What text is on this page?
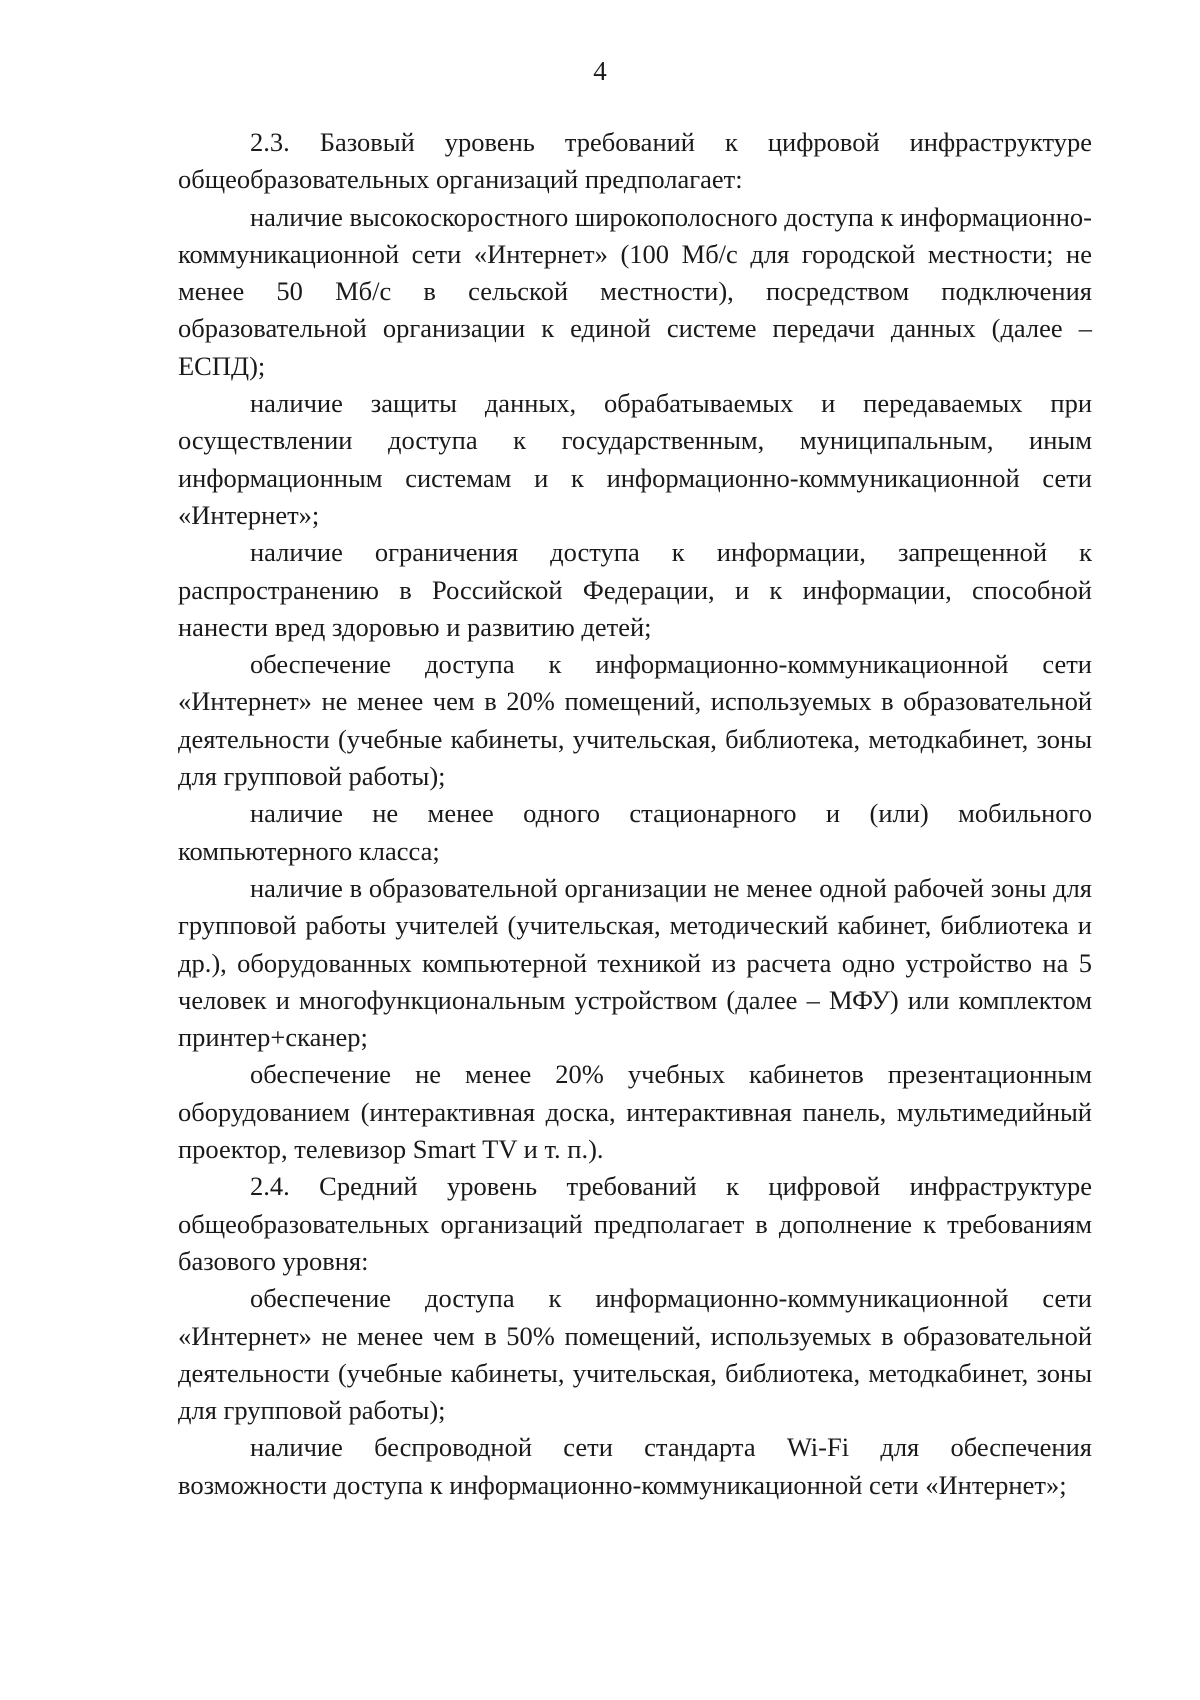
4

2.3. Базовый уровень требований к цифровой инфраструктуре общеобразовательных организаций предполагает:

наличие высокоскоростного широкополосного доступа к информационно-коммуникационной сети «Интернет» (100 Мб/с для городской местности; не менее 50 Мб/с в сельской местности), посредством подключения образовательной организации к единой системе передачи данных (далее – ЕСПД);

наличие защиты данных, обрабатываемых и передаваемых при осуществлении доступа к государственным, муниципальным, иным информационным системам и к информационно-коммуникационной сети «Интернет»;

наличие ограничения доступа к информации, запрещенной к распространению в Российской Федерации, и к информации, способной нанести вред здоровью и развитию детей;

обеспечение доступа к информационно-коммуникационной сети «Интернет» не менее чем в 20% помещений, используемых в образовательной деятельности (учебные кабинеты, учительская, библиотека, методкабинет, зоны для групповой работы);

наличие не менее одного стационарного и (или) мобильного компьютерного класса;

наличие в образовательной организации не менее одной рабочей зоны для групповой работы учителей (учительская, методический кабинет, библиотека и др.), оборудованных компьютерной техникой из расчета одно устройство на 5 человек и многофункциональным устройством (далее – МФУ) или комплектом принтер+сканер;

обеспечение не менее 20% учебных кабинетов презентационным оборудованием (интерактивная доска, интерактивная панель, мультимедийный проектор, телевизор Smart TV и т. п.).

2.4. Средний уровень требований к цифровой инфраструктуре общеобразовательных организаций предполагает в дополнение к требованиям базового уровня:

обеспечение доступа к информационно-коммуникационной сети «Интернет» не менее чем в 50% помещений, используемых в образовательной деятельности (учебные кабинеты, учительская, библиотека, методкабинет, зоны для групповой работы);

наличие беспроводной сети стандарта Wi-Fi для обеспечения возможности доступа к информационно-коммуникационной сети «Интернет»;
